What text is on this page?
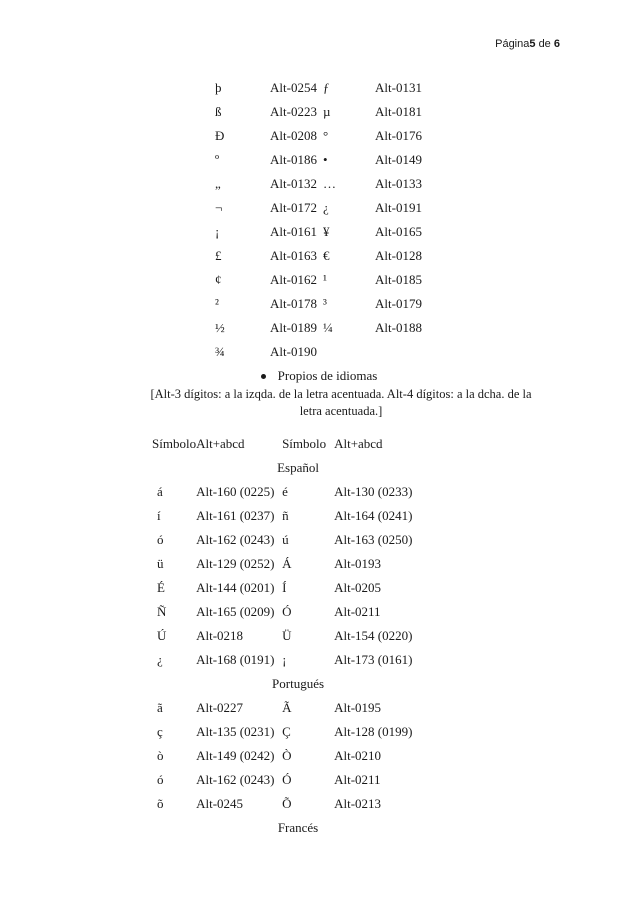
Página5 de 6
þ	Alt-0254	ƒ	Alt-0131
ß	Alt-0223	µ	Alt-0181
Ð	Alt-0208	°	Alt-0176
º	Alt-0186	•	Alt-0149
„	Alt-0132	…	Alt-0133
¬	Alt-0172	¿	Alt-0191
¡	Alt-0161	¥	Alt-0165
£	Alt-0163	€	Alt-0128
¢	Alt-0162	¹	Alt-0185
²	Alt-0178	³	Alt-0179
½	Alt-0189	¼	Alt-0188
¾	Alt-0190		
Propios de idiomas
[Alt-3 dígitos: a la izqda. de la letra acentuada. Alt-4 dígitos: a la dcha. de la
letra acentuada.]
Símbolo	Alt+abcd	Símbolo	Alt+abcd
Español			
á	Alt-160 (0225)	é	Alt-130 (0233)
í	Alt-161 (0237)	ñ	Alt-164 (0241)
ó	Alt-162 (0243)	ú	Alt-163 (0250)
ü	Alt-129 (0252)	Á	Alt-0193
É	Alt-144 (0201)	Í	Alt-0205
Ñ	Alt-165 (0209)	Ó	Alt-0211
Ú	Alt-0218	Ü	Alt-154 (0220)
¿	Alt-168 (0191)	¡	Alt-173 (0161)
Portugués			
ã	Alt-0227	Ã	Alt-0195
ç	Alt-135 (0231)	Ç	Alt-128 (0199)
ò	Alt-149 (0242)	Ò	Alt-0210
ó	Alt-162 (0243)	Ó	Alt-0211
õ	Alt-0245	Õ	Alt-0213
Francés			
